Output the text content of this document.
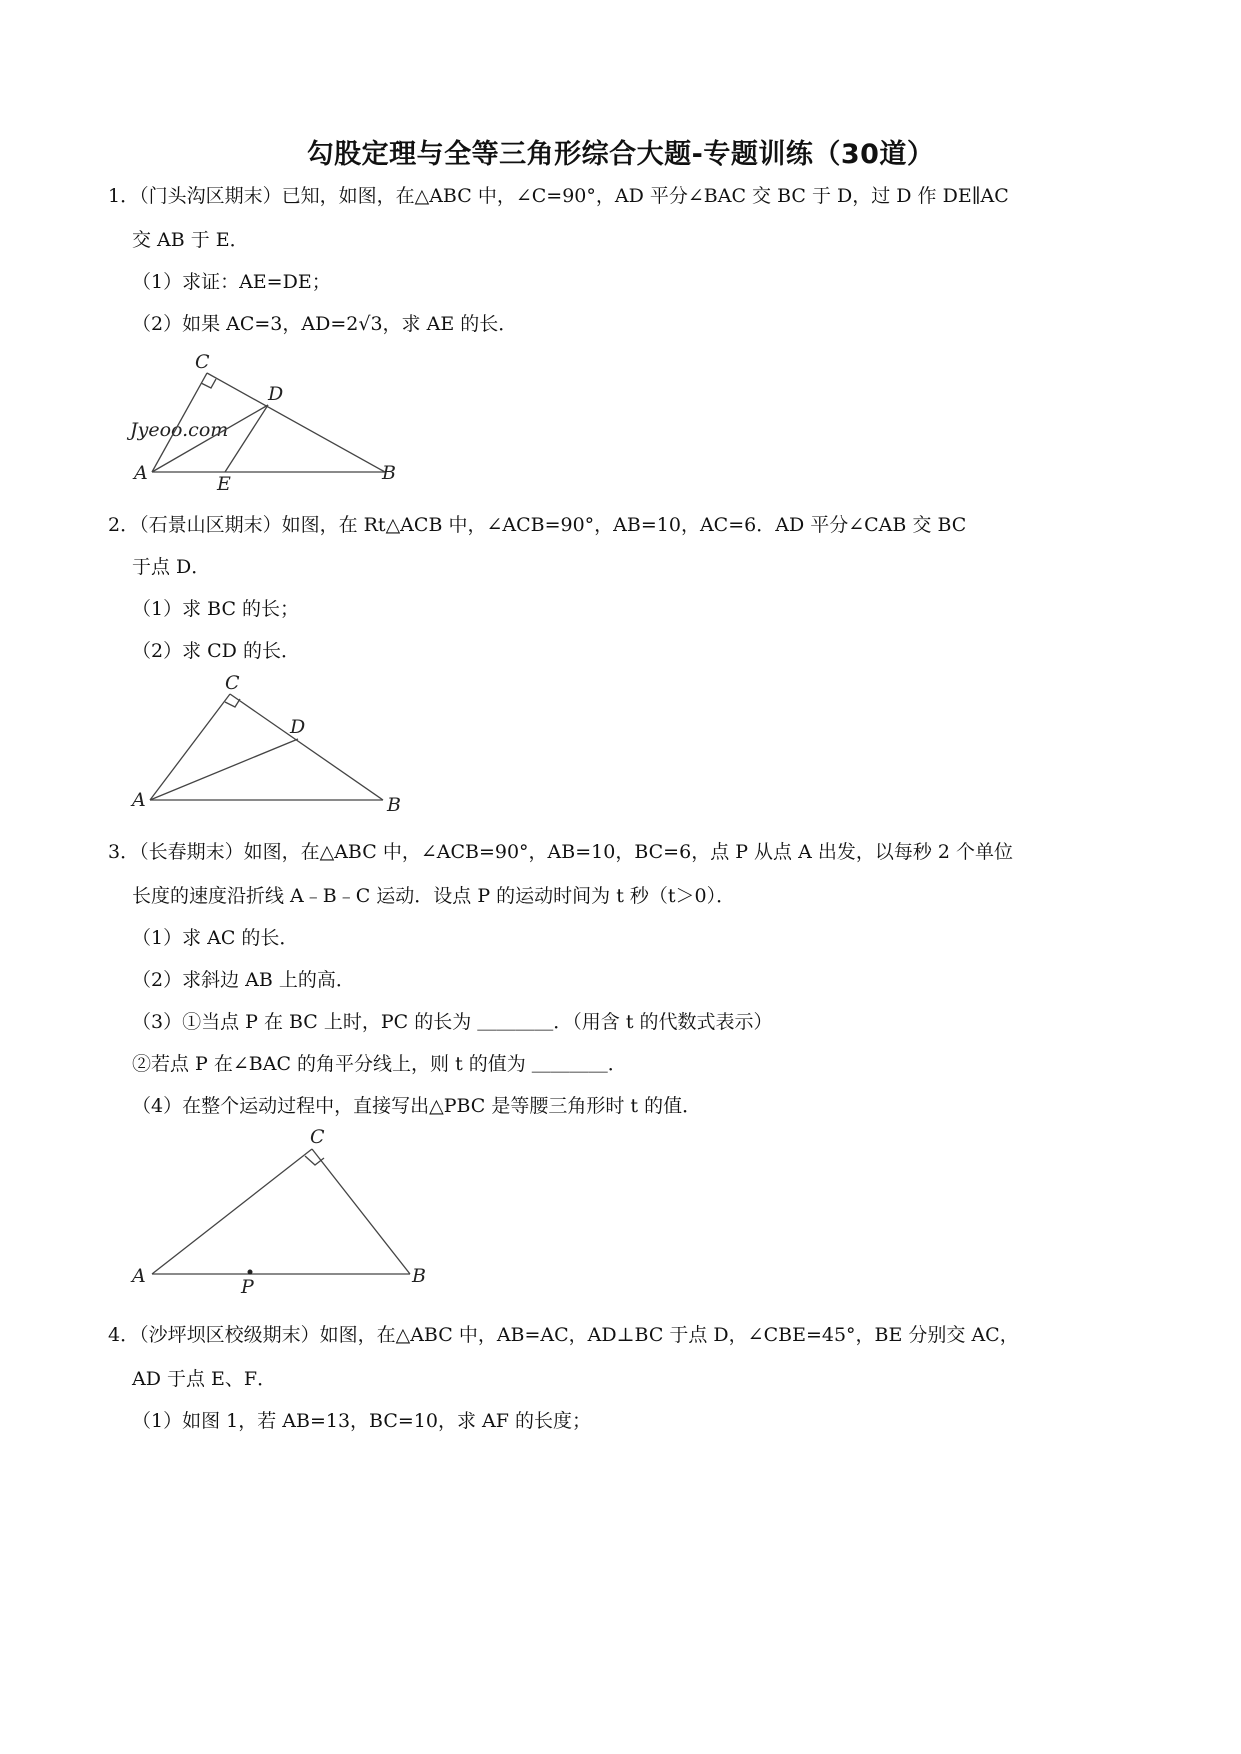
勾股定理与全等三角形综合大题-专题训练（30道）
1．（门头沟区期末）已知，如图，在△ABC 中，∠C=90°，AD 平分∠BAC 交 BC 于 D，过 D 作 DE∥AC
交 AB 于 E．
（1）求证：AE=DE；
（2）如果 AC=3，AD=2√3，求 AE 的长．
Jyeoo.com
C
D
A	E	B
2．（石景山区期末）如图，在 Rt△ACB 中，∠ACB=90°，AB=10，AC=6．AD 平分∠CAB 交 BC
于点 D．
（1）求 BC 的长；
（2）求 CD 的长．
C
D
A	B
3．（长春期末）如图，在△ABC 中，∠ACB=90°，AB=10，BC=6，点 P 从点 A 出发，以每秒 2 个单位
长度的速度沿折线 A﹣B﹣C 运动．设点 P 的运动时间为 t 秒（t＞0）．
（1）求 AC 的长．
（2）求斜边 AB 上的高．
（3）①当点 P 在 BC 上时，PC 的长为 ＿＿＿＿．（用含 t 的代数式表示）
②若点 P 在∠BAC 的角平分线上，则 t 的值为 ＿＿＿＿．
（4）在整个运动过程中，直接写出△PBC 是等腰三角形时 t 的值．
C
A	P	B
4．（沙坪坝区校级期末）如图，在△ABC 中，AB=AC，AD⊥BC 于点 D，∠CBE=45°，BE 分别交 AC，
AD 于点 E、F．
（1）如图 1，若 AB=13，BC=10，求 AF 的长度；
